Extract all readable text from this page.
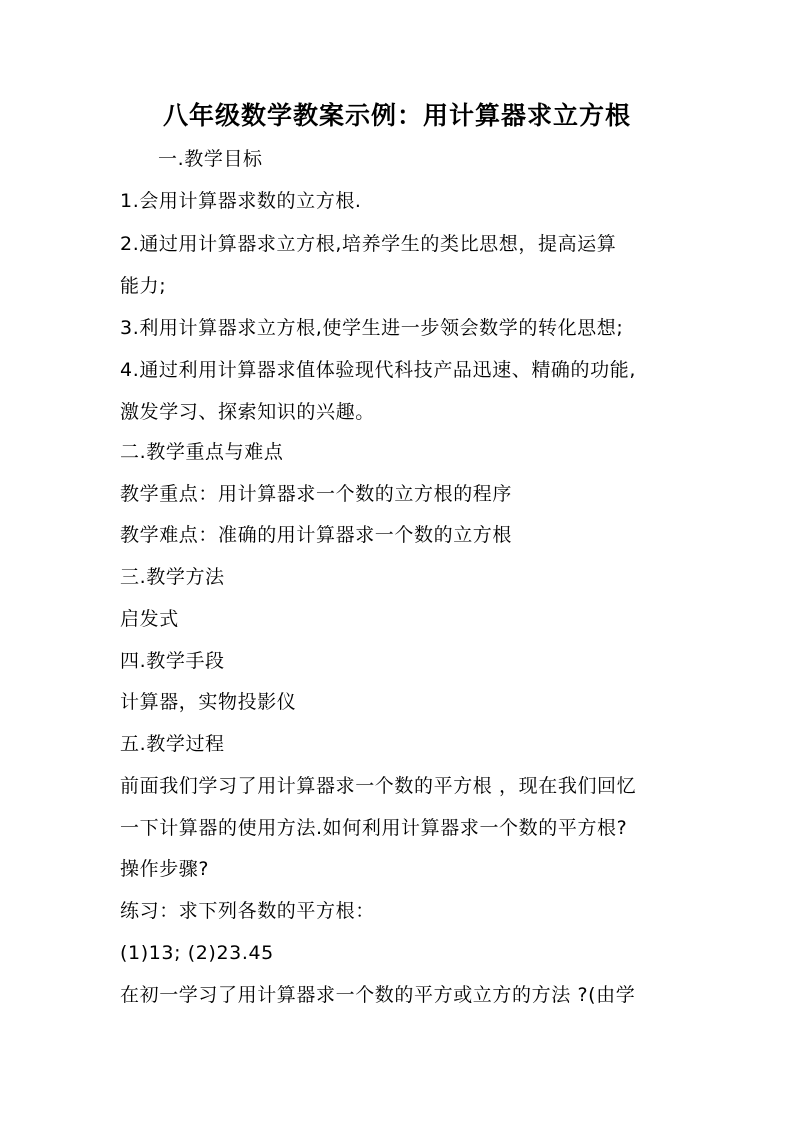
八年级数学教案示例：用计算器求立方根
一.教学目标
1.会用计算器求数的立方根.
2.通过用计算器求立方根,培养学生的类比思想，提高运算
能力;
3.利用计算器求立方根,使学生进一步领会数学的转化思想;
4.通过利用计算器求值体验现代科技产品迅速、精确的功能,
激发学习、探索知识的兴趣。
二.教学重点与难点
教学重点：用计算器求一个数的立方根的程序
教学难点：准确的用计算器求一个数的立方根
三.教学方法
启发式
四.教学手段
计算器，实物投影仪
五.教学过程
前面我们学习了用计算器求一个数的平方根 ，现在我们回忆
一下计算器的使用方法.如何利用计算器求一个数的平方根?
操作步骤?
练习：求下列各数的平方根：
(1)13; (2)23.45
在初一学习了用计算器求一个数的平方或立方的方法 ?(由学
